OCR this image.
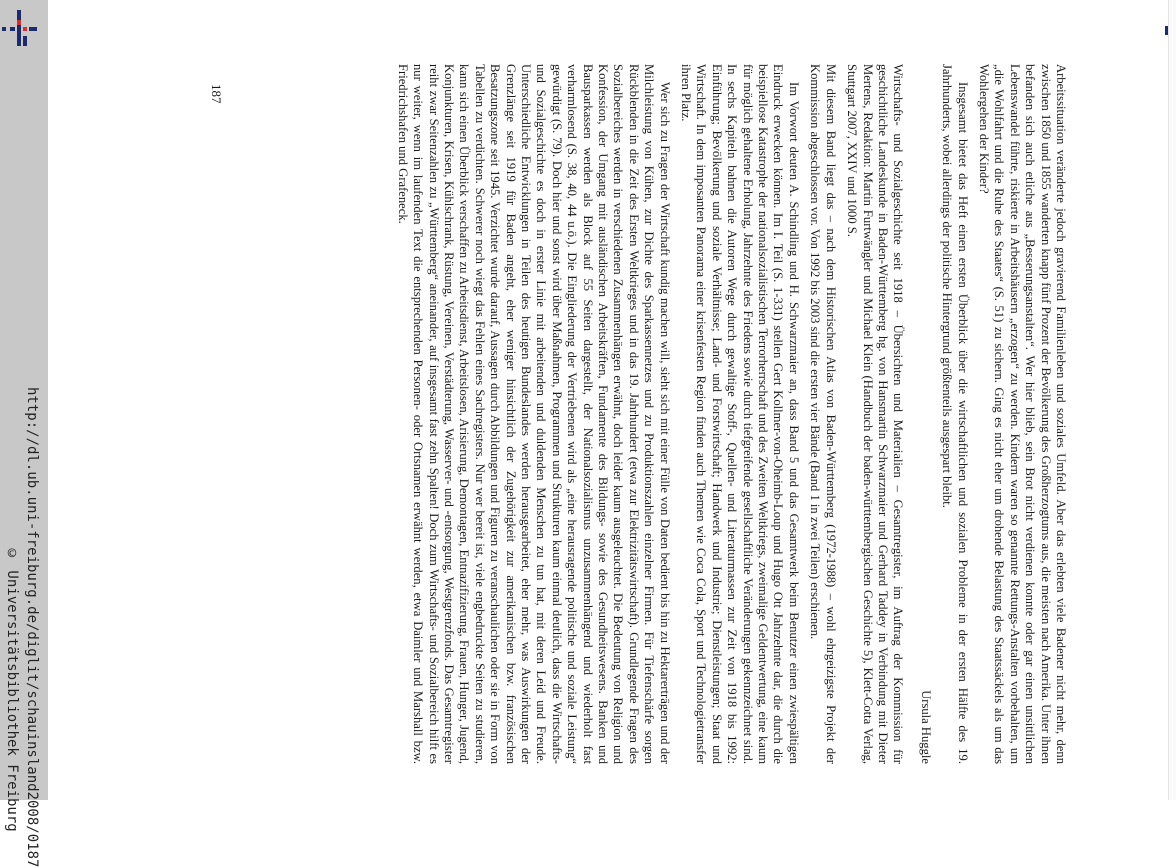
http://dl.ub.uni-freiburg.de/diglit/schauinsland2008/0187
© Universitätsbibliothek Freiburg	Arbeitssituation veränderte jedoch gravierend Familienleben und soziales Umfeld. Aber das erlebten viele Badener nicht mehr, denn zwischen 1850 und 1855 wanderten knapp fünf Prozent der Bevölkerung des Großherzogtums aus, die meisten nach Amerika. Unter ihnen befanden sich auch etliche aus „Besserungsanstalten“. Wer hier blieb, sein Brot nicht verdienen konnte oder gar einen unsittlichen Lebenswandel führte, riskierte in Arbeitshäusern „erzogen“ zu werden. Kindern waren so genannte Rettungs-Anstalten vorbehalten, um „die Wohlfahrt und die Ruhe des Staates“ (S. 51) zu sichern. Ging es nicht eher um drohende Belastung des Staatssäckels als um das Wohlergehen der Kinder?

Insgesamt bietet das Heft einen ersten Überblick über die wirtschaftlichen und sozialen Probleme in der ersten Hälfte des 19. Jahrhunderts, wobei allerdings der politische Hintergrund größtenteils ausgespart bleibt.

Ursula Huggle

Wirtschafts- und Sozialgeschichte seit 1918 – Übersichten und Materialien – Gesamtregister, im Auftrag der Kommission für geschichtliche Landeskunde in Baden-Württemberg hg. von Hansmartin Schwarzmaier und Gerhard Taddey in Verbindung mit Dieter Mertens, Redaktion: Martin Furtwängler und Michael Klein (Handbuch der baden-württembergischen Geschichte 5), Klett-Cotta Verlag, Stuttgart 2007, XXIV und 1000 S.

Mit diesem Band liegt das – nach dem Historischen Atlas von Baden-Württemberg (1972-1988) – wohl ehrgeizigste Projekt der Kommission abgeschlossen vor. Von 1992 bis 2003 sind die ersten vier Bände (Band 1 in zwei Teilen) erschienen.

Im Vorwort deuten A. Schindling und H. Schwarzmaier an, dass Band 5 und das Gesamtwerk beim Benutzer einen zwiespältigen Eindruck erwecken können. Im I. Teil (S. 1-331) stellen Gert Kollmer-von-Oheimb-Loup und Hugo Ott Jahrzehnte dar, die durch die beispiellose Katastrophe der nationalsozialistischen Terrorherrschaft und des Zweiten Weltkriegs, zweimalige Geldentwertung, eine kaum für möglich gehaltene Erholung, Jahrzehnte des Friedens sowie durch tiefgreifende gesellschaftliche Veränderungen gekennzeichnet sind. In sechs Kapiteln bahnen die Autoren Wege durch gewaltige Stoff-, Quellen- und Literaturmassen zur Zeit von 1918 bis 1992: Einführung; Bevölkerung und soziale Verhältnisse; Land- und Forstwirtschaft; Handwerk und Industrie; Dienstleistungen; Staat und Wirtschaft. In dem imposanten Panorama einer krisenfesten Region finden auch Themen wie Coca Cola, Sport und Technologietransfer ihren Platz.

Wer sich zu Fragen der Wirtschaft kundig machen will, sieht sich mit einer Fülle von Daten bedient bis hin zu Hektarerträgen und der Milchleistung von Kühen, zur Dichte des Sparkassennetzes und zu Produktionszahlen einzelner Firmen. Für Tiefenschärfe sorgen Rückblenden in die Zeit des Ersten Weltkrieges und in das 19. Jahrhundert (etwa zur Elektrizitätswirtschaft). Grundlegende Fragen des Sozialbereiches werden in verschiedenen Zusammenhängen erwähnt, doch leider kaum ausgeleuchtet. Die Bedeutung von Religion und Konfession, der Umgang mit ausländischen Arbeitskräften, Fundamente des Bildungs- sowie des Gesundheitswesens. Banken und Bausparkassen werden als Block auf 55 Seiten dargestellt, der Nationalsozialismus unzusammenhängend und wiederholt fast verharmlosend (S. 38, 40, 44 u.ö.). Die Eingliederung der Vertriebenen wird als „eine herausragende politische und soziale Leistung“ gewürdigt (S. 79). Doch hier und sonst wird über Maßnahmen, Programmen und Strukturen kaum einmal deutlich, dass die Wirtschafts- und Sozialgeschichte es doch in erster Linie mit arbeitenden und duldenden Menschen zu tun hat, mit deren Leid und Freude. Unterschiedliche Entwicklungen in Teilen des heutigen Bundeslandes werden herausgearbeitet, eher mehr, was Auswirkungen der Grenzlänge seit 1919 für Baden angeht, eher weniger hinsichtlich der Zugehörigkeit zur amerikanischen bzw. französischen Besatzungszone seit 1945. Verzichtet wurde darauf, Aussagen durch Abbildungen und Figuren zu veranschaulichen oder sie in Form von Tabellen zu verdichten. Schwerer noch wiegt das Fehlen eines Sachregisters. Nur wer bereit ist, viele engbedruckte Seiten zu studieren, kann sich einen Überblick verschaffen zu Arbeitsdienst, Arbeitslosen, Arisierung, Demontagen, Entnazifizierung, Frauen, Hunger, Jugend, Konjunkturen, Krisen, Kühlschrank, Rüstung, Vereinen, Verstädterung, Wasserver- und -entsorgung, Westgrenzfonds. Das Gesamtregister reiht zwar Seitenzahlen zu „Württemberg“ aneinander, auf insgesamt fast zehn Spalten! Doch zum Wirtschafts- und Sozialbereich hilft es nur weiter, wenn im laufenden Text die entsprechenden Personen- oder Ortsnamen erwähnt werden, etwa Daimler und Marshall bzw. Friedrichshafen und Grafeneck.

187
